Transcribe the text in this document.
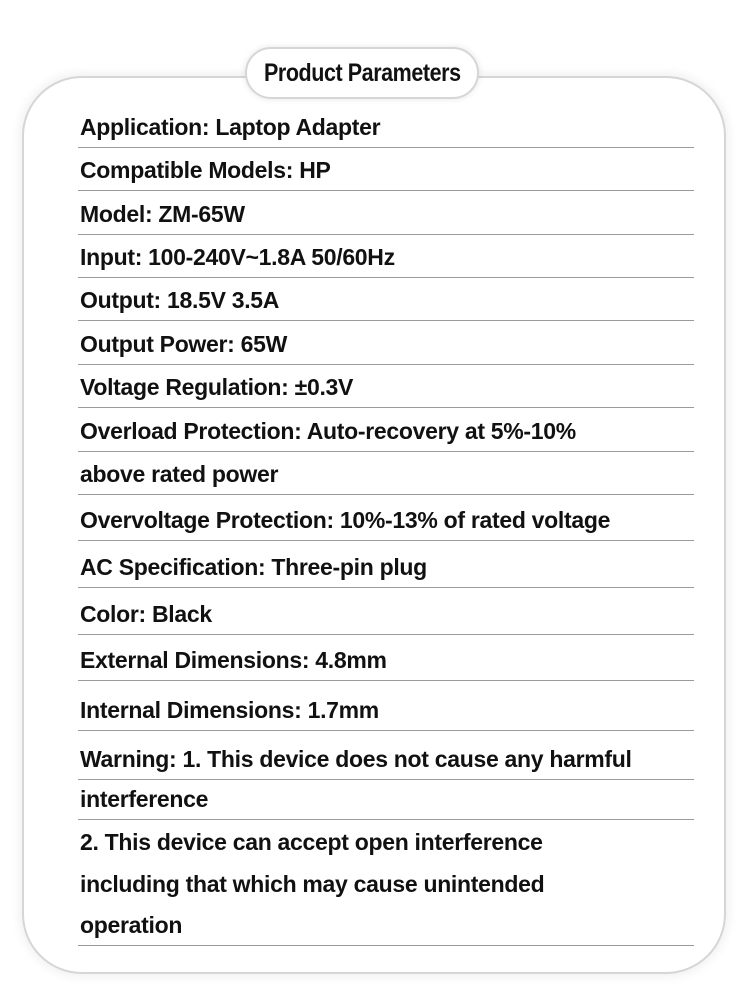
Product Parameters
Application: Laptop Adapter
Compatible Models: HP
Model: ZM-65W
Input: 100-240V~1.8A 50/60Hz
Output: 18.5V 3.5A
Output Power: 65W
Voltage Regulation: ±0.3V
Overload Protection: Auto-recovery at 5%-10%
above rated power
Overvoltage Protection: 10%-13% of rated voltage
AC Specification: Three-pin plug
Color: Black
External Dimensions: 4.8mm
Internal Dimensions: 1.7mm
Warning: 1. This device does not cause any harmful
interference
2. This device can accept open interference
including that which may cause unintended
operation
